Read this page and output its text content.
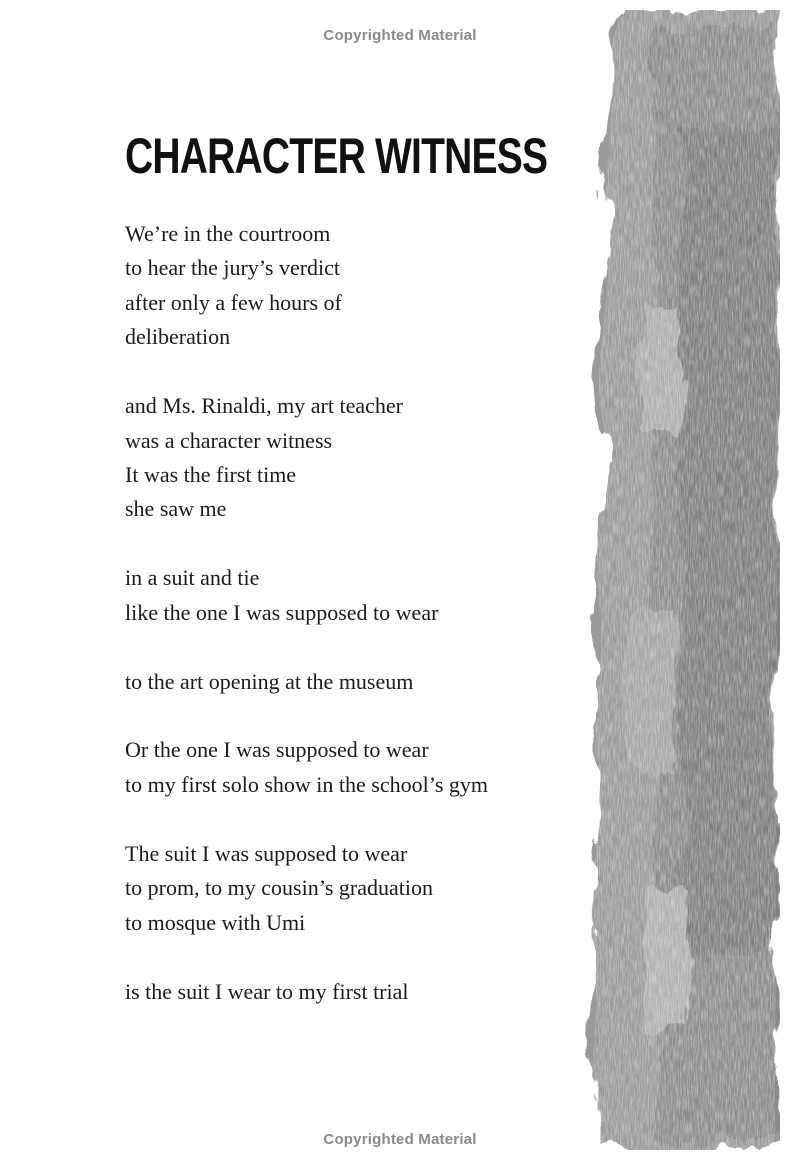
Copyrighted Material
CHARACTER WITNESS
We’re in the courtroom
to hear the jury’s verdict
after only a few hours of
deliberation
and Ms. Rinaldi, my art teacher
was a character witness
It was the first time
she saw me
in a suit and tie
like the one I was supposed to wear
to the art opening at the museum
Or the one I was supposed to wear
to my first solo show in the school’s gym
The suit I was supposed to wear
to prom, to my cousin’s graduation
to mosque with Umi
is the suit I wear to my first trial
Copyrighted Material
